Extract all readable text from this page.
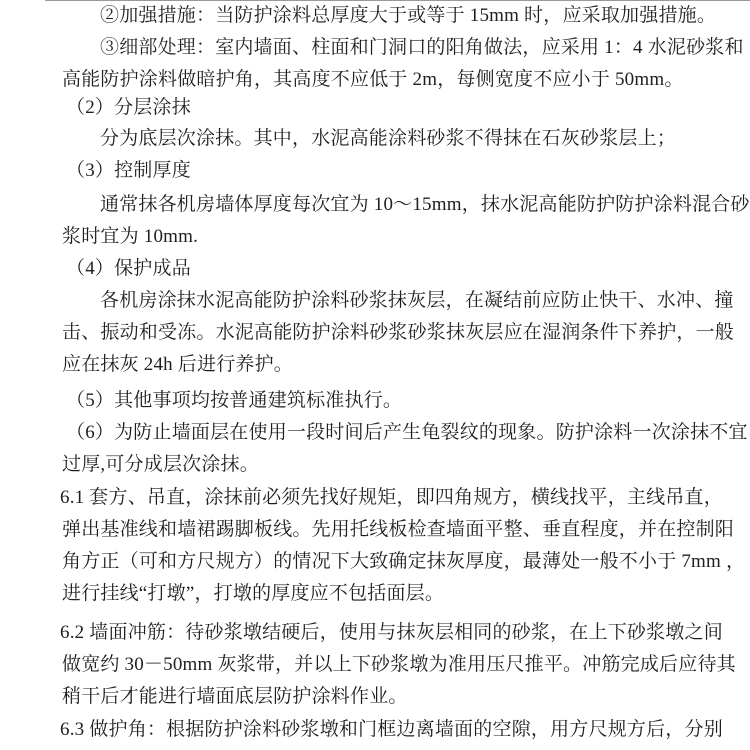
②加强措施：当防护涂料总厚度大于或等于 15mm 时，应采取加强措施。
③细部处理：室内墙面、柱面和门洞口的阳角做法，应采用 1：4 水泥砂浆和
高能防护涂料做暗护角，其高度不应低于 2m，每侧宽度不应小于 50mm。
（2）分层涂抹
分为底层次涂抹。其中，水泥高能涂料砂浆不得抹在石灰砂浆层上；
（3）控制厚度
通常抹各机房墙体厚度每次宜为 10～15mm，抹水泥高能防护防护涂料混合砂
浆时宜为 10mm.
（4）保护成品
各机房涂抹水泥高能防护涂料砂浆抹灰层，在凝结前应防止快干、水冲、撞
击、振动和受冻。水泥高能防护涂料砂浆砂浆抹灰层应在湿润条件下养护，一般
应在抹灰 24h 后进行养护。
（5）其他事项均按普通建筑标准执行。
（6）为防止墙面层在使用一段时间后产生龟裂纹的现象。防护涂料一次涂抹不宜
过厚,可分成层次涂抹。
6.1 套方、吊直，涂抹前必须先找好规矩，即四角规方，横线找平，主线吊直，
弹出基准线和墙裙踢脚板线。先用托线板检查墙面平整、垂直程度，并在控制阳
角方正（可和方尺规方）的情况下大致确定抹灰厚度，最薄处一般不小于 7mm ，
进行挂线“打墩”，打墩的厚度应不包括面层。
6.2 墙面冲筋：待砂浆墩结硬后，使用与抹灰层相同的砂浆，在上下砂浆墩之间
做宽约 30－50mm 灰浆带，并以上下砂浆墩为准用压尺推平。冲筋完成后应待其
稍干后才能进行墙面底层防护涂料作业。
6.3 做护角：根据防护涂料砂浆墩和门框边离墙面的空隙，用方尺规方后，分别
